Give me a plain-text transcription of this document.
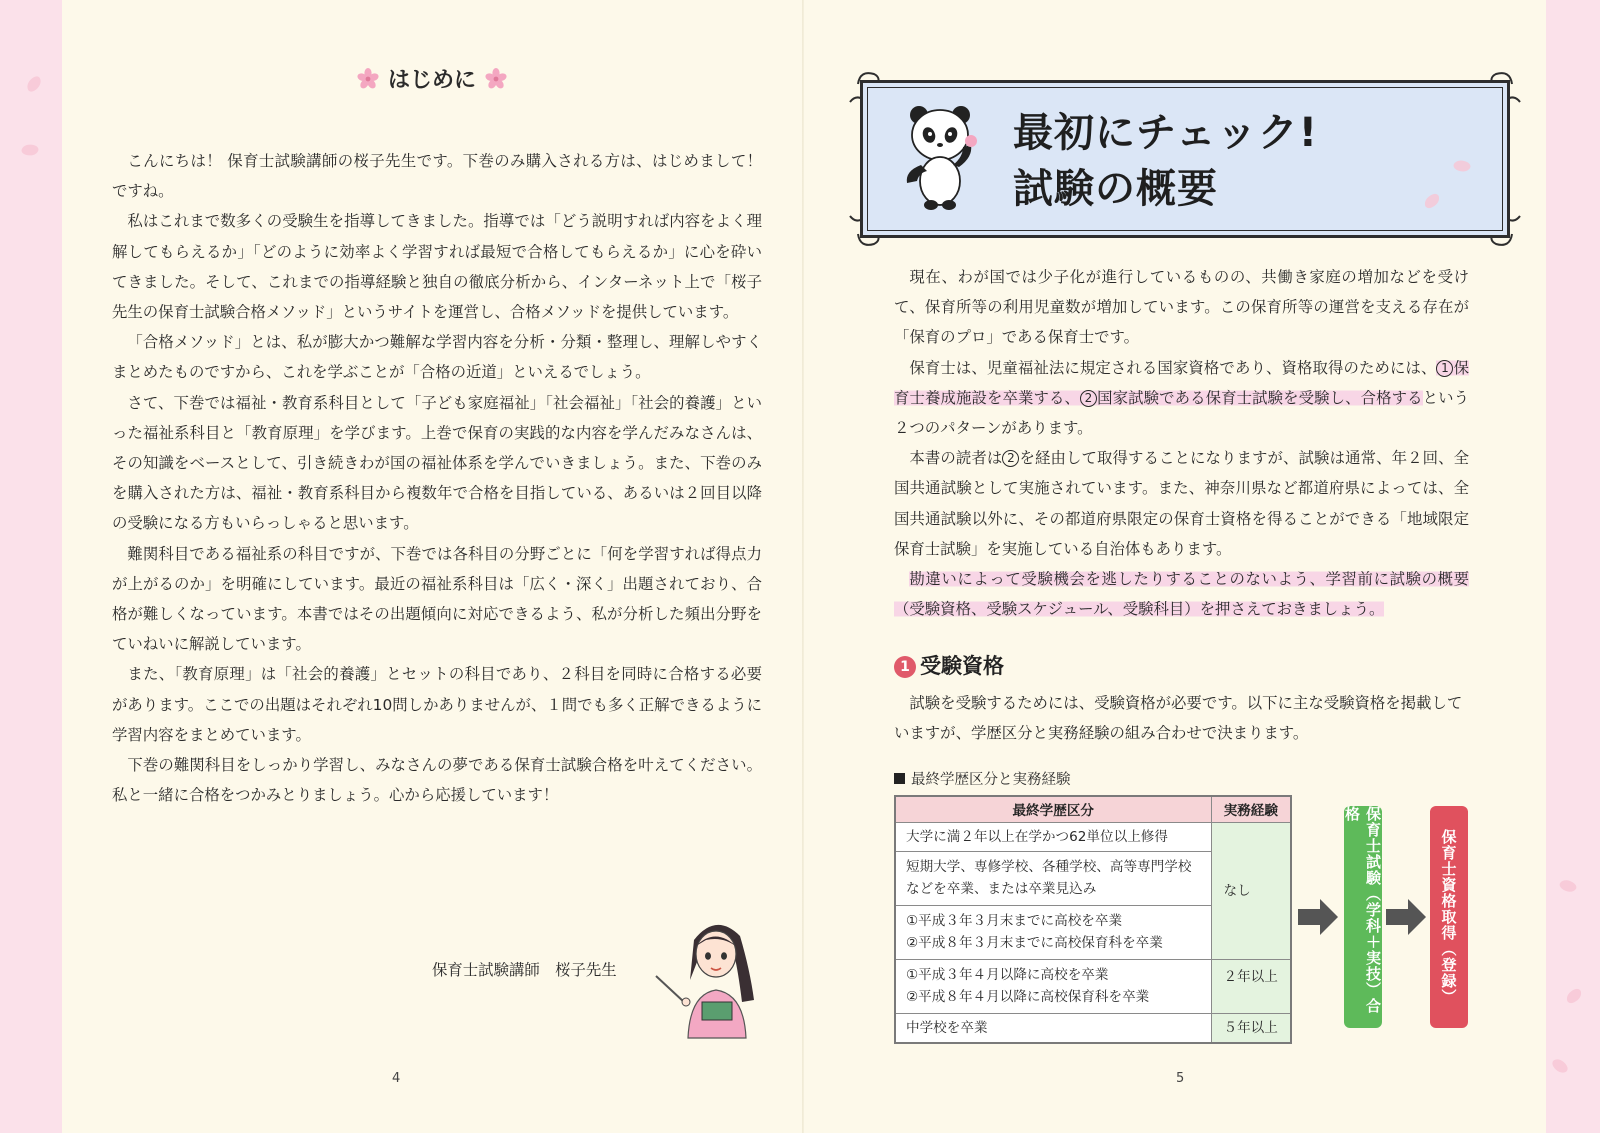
はじめに

こんにちは！ 保育士試験講師の桜子先生です。下巻のみ購入される方は、はじめまして！ ですね。

私はこれまで数多くの受験生を指導してきました。指導では「どう説明すれば内容をよく理解してもらえるか」「どのように効率よく学習すれば最短で合格してもらえるか」に心を砕いてきました。そして、これまでの指導経験と独自の徹底分析から、インターネット上で「桜子先生の保育士試験合格メソッド」というサイトを運営し、合格メソッドを提供しています。

「合格メソッド」とは、私が膨大かつ難解な学習内容を分析・分類・整理し、理解しやすくまとめたものですから、これを学ぶことが「合格の近道」といえるでしょう。

さて、下巻では福祉・教育系科目として「子ども家庭福祉」「社会福祉」「社会的養護」といった福祉系科目と「教育原理」を学びます。上巻で保育の実践的な内容を学んだみなさんは、その知識をベースとして、引き続きわが国の福祉体系を学んでいきましょう。また、下巻のみを購入された方は、福祉・教育系科目から複数年で合格を目指している、あるいは２回目以降の受験になる方もいらっしゃると思います。

難関科目である福祉系の科目ですが、下巻では各科目の分野ごとに「何を学習すれば得点力が上がるのか」を明確にしています。最近の福祉系科目は「広く・深く」出題されており、合格が難しくなっています。本書ではその出題傾向に対応できるよう、私が分析した頻出分野をていねいに解説しています。

また、「教育原理」は「社会的養護」とセットの科目であり、２科目を同時に合格する必要があります。ここでの出題はそれぞれ10問しかありませんが、１問でも多く正解できるように学習内容をまとめています。

下巻の難関科目をしっかり学習し、みなさんの夢である保育士試験合格を叶えてください。私と一緒に合格をつかみとりましょう。心から応援しています！

保育士試験講師　桜子先生
4
最初にチェック!
試験の概要

現在、わが国では少子化が進行しているものの、共働き家庭の増加などを受けて、保育所等の利用児童数が増加しています。この保育所等の運営を支える存在が「保育のプロ」である保育士です。

保育士は、児童福祉法に規定される国家資格であり、資格取得のためには、 1 保育士養成施設を卒業する、 2 国家試験である保育士試験を受験し、合格するという２つのパターンがあります。

本書の読者は 2 を経由して取得することになりますが、試験は通常、年２回、全国共通試験として実施されています。また、神奈川県など都道府県によっては、全国共通試験以外に、その都道府県限定の保育士資格を得ることができる「地域限定保育士試験」を実施している自治体もあります。

勘違いによって受験機会を逃したりすることのないよう、学習前に試験の概要（受験資格、受験スケジュール、受験科目）を押さえておきましょう。

1 受験資格

試験を受験するためには、受験資格が必要です。以下に主な受験資格を掲載していますが、学歴区分と実務経験の組み合わせで決まります。

最終学歴区分と実務経験
最終学歴区分	実務経験
大学に満２年以上在学かつ62単位以上修得	なし
短期大学、専修学校、各種学校、高等専門学校などを卒業、または卒業見込み	

①平成３年３月末までに高校を卒業
②平成８年３月末までに高校保育科を卒業	

①平成３年４月以降に高校を卒業
②平成８年４月以降に高校保育科を卒業	２年以上
中学校を卒業	５年以上
保育士試験（学科＋実技）合格
保育士資格取得（登録）
5
